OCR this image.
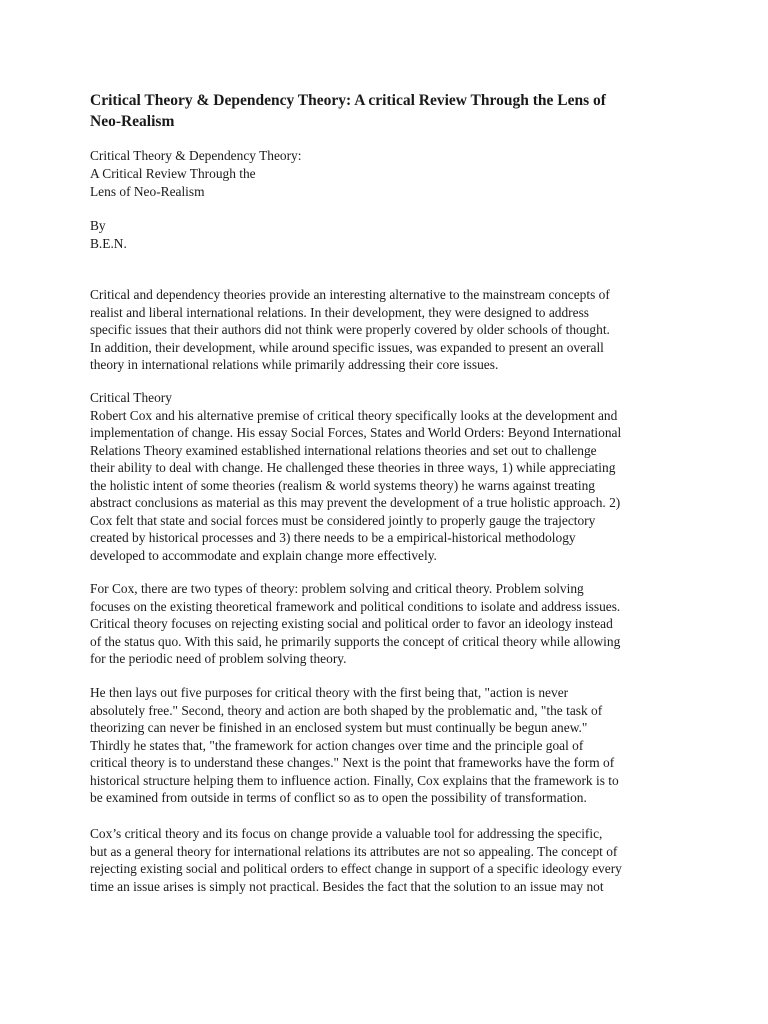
Critical Theory & Dependency Theory: A critical Review Through the Lens of
Neo-Realism
Critical Theory & Dependency Theory:
A Critical Review Through the
Lens of Neo-Realism
By
B.E.N.

Critical and dependency theories provide an interesting alternative to the mainstream concepts of
realist and liberal international relations. In their development, they were designed to address
specific issues that their authors did not think were properly covered by older schools of thought.
In addition, their development, while around specific issues, was expanded to present an overall
theory in international relations while primarily addressing their core issues.

Critical Theory
Robert Cox and his alternative premise of critical theory specifically looks at the development and
implementation of change. His essay Social Forces, States and World Orders: Beyond International
Relations Theory examined established international relations theories and set out to challenge
their ability to deal with change. He challenged these theories in three ways, 1) while appreciating
the holistic intent of some theories (realism & world systems theory) he warns against treating
abstract conclusions as material as this may prevent the development of a true holistic approach. 2)
Cox felt that state and social forces must be considered jointly to properly gauge the trajectory
created by historical processes and 3) there needs to be a empirical-historical methodology
developed to accommodate and explain change more effectively.

For Cox, there are two types of theory: problem solving and critical theory. Problem solving
focuses on the existing theoretical framework and political conditions to isolate and address issues.
Critical theory focuses on rejecting existing social and political order to favor an ideology instead
of the status quo. With this said, he primarily supports the concept of critical theory while allowing
for the periodic need of problem solving theory.

He then lays out five purposes for critical theory with the first being that, "action is never
absolutely free." Second, theory and action are both shaped by the problematic and, "the task of
theorizing can never be finished in an enclosed system but must continually be begun anew."
Thirdly he states that, "the framework for action changes over time and the principle goal of
critical theory is to understand these changes." Next is the point that frameworks have the form of
historical structure helping them to influence action. Finally, Cox explains that the framework is to
be examined from outside in terms of conflict so as to open the possibility of transformation.

Cox’s critical theory and its focus on change provide a valuable tool for addressing the specific,
but as a general theory for international relations its attributes are not so appealing. The concept of
rejecting existing social and political orders to effect change in support of a specific ideology every
time an issue arises is simply not practical. Besides the fact that the solution to an issue may not
